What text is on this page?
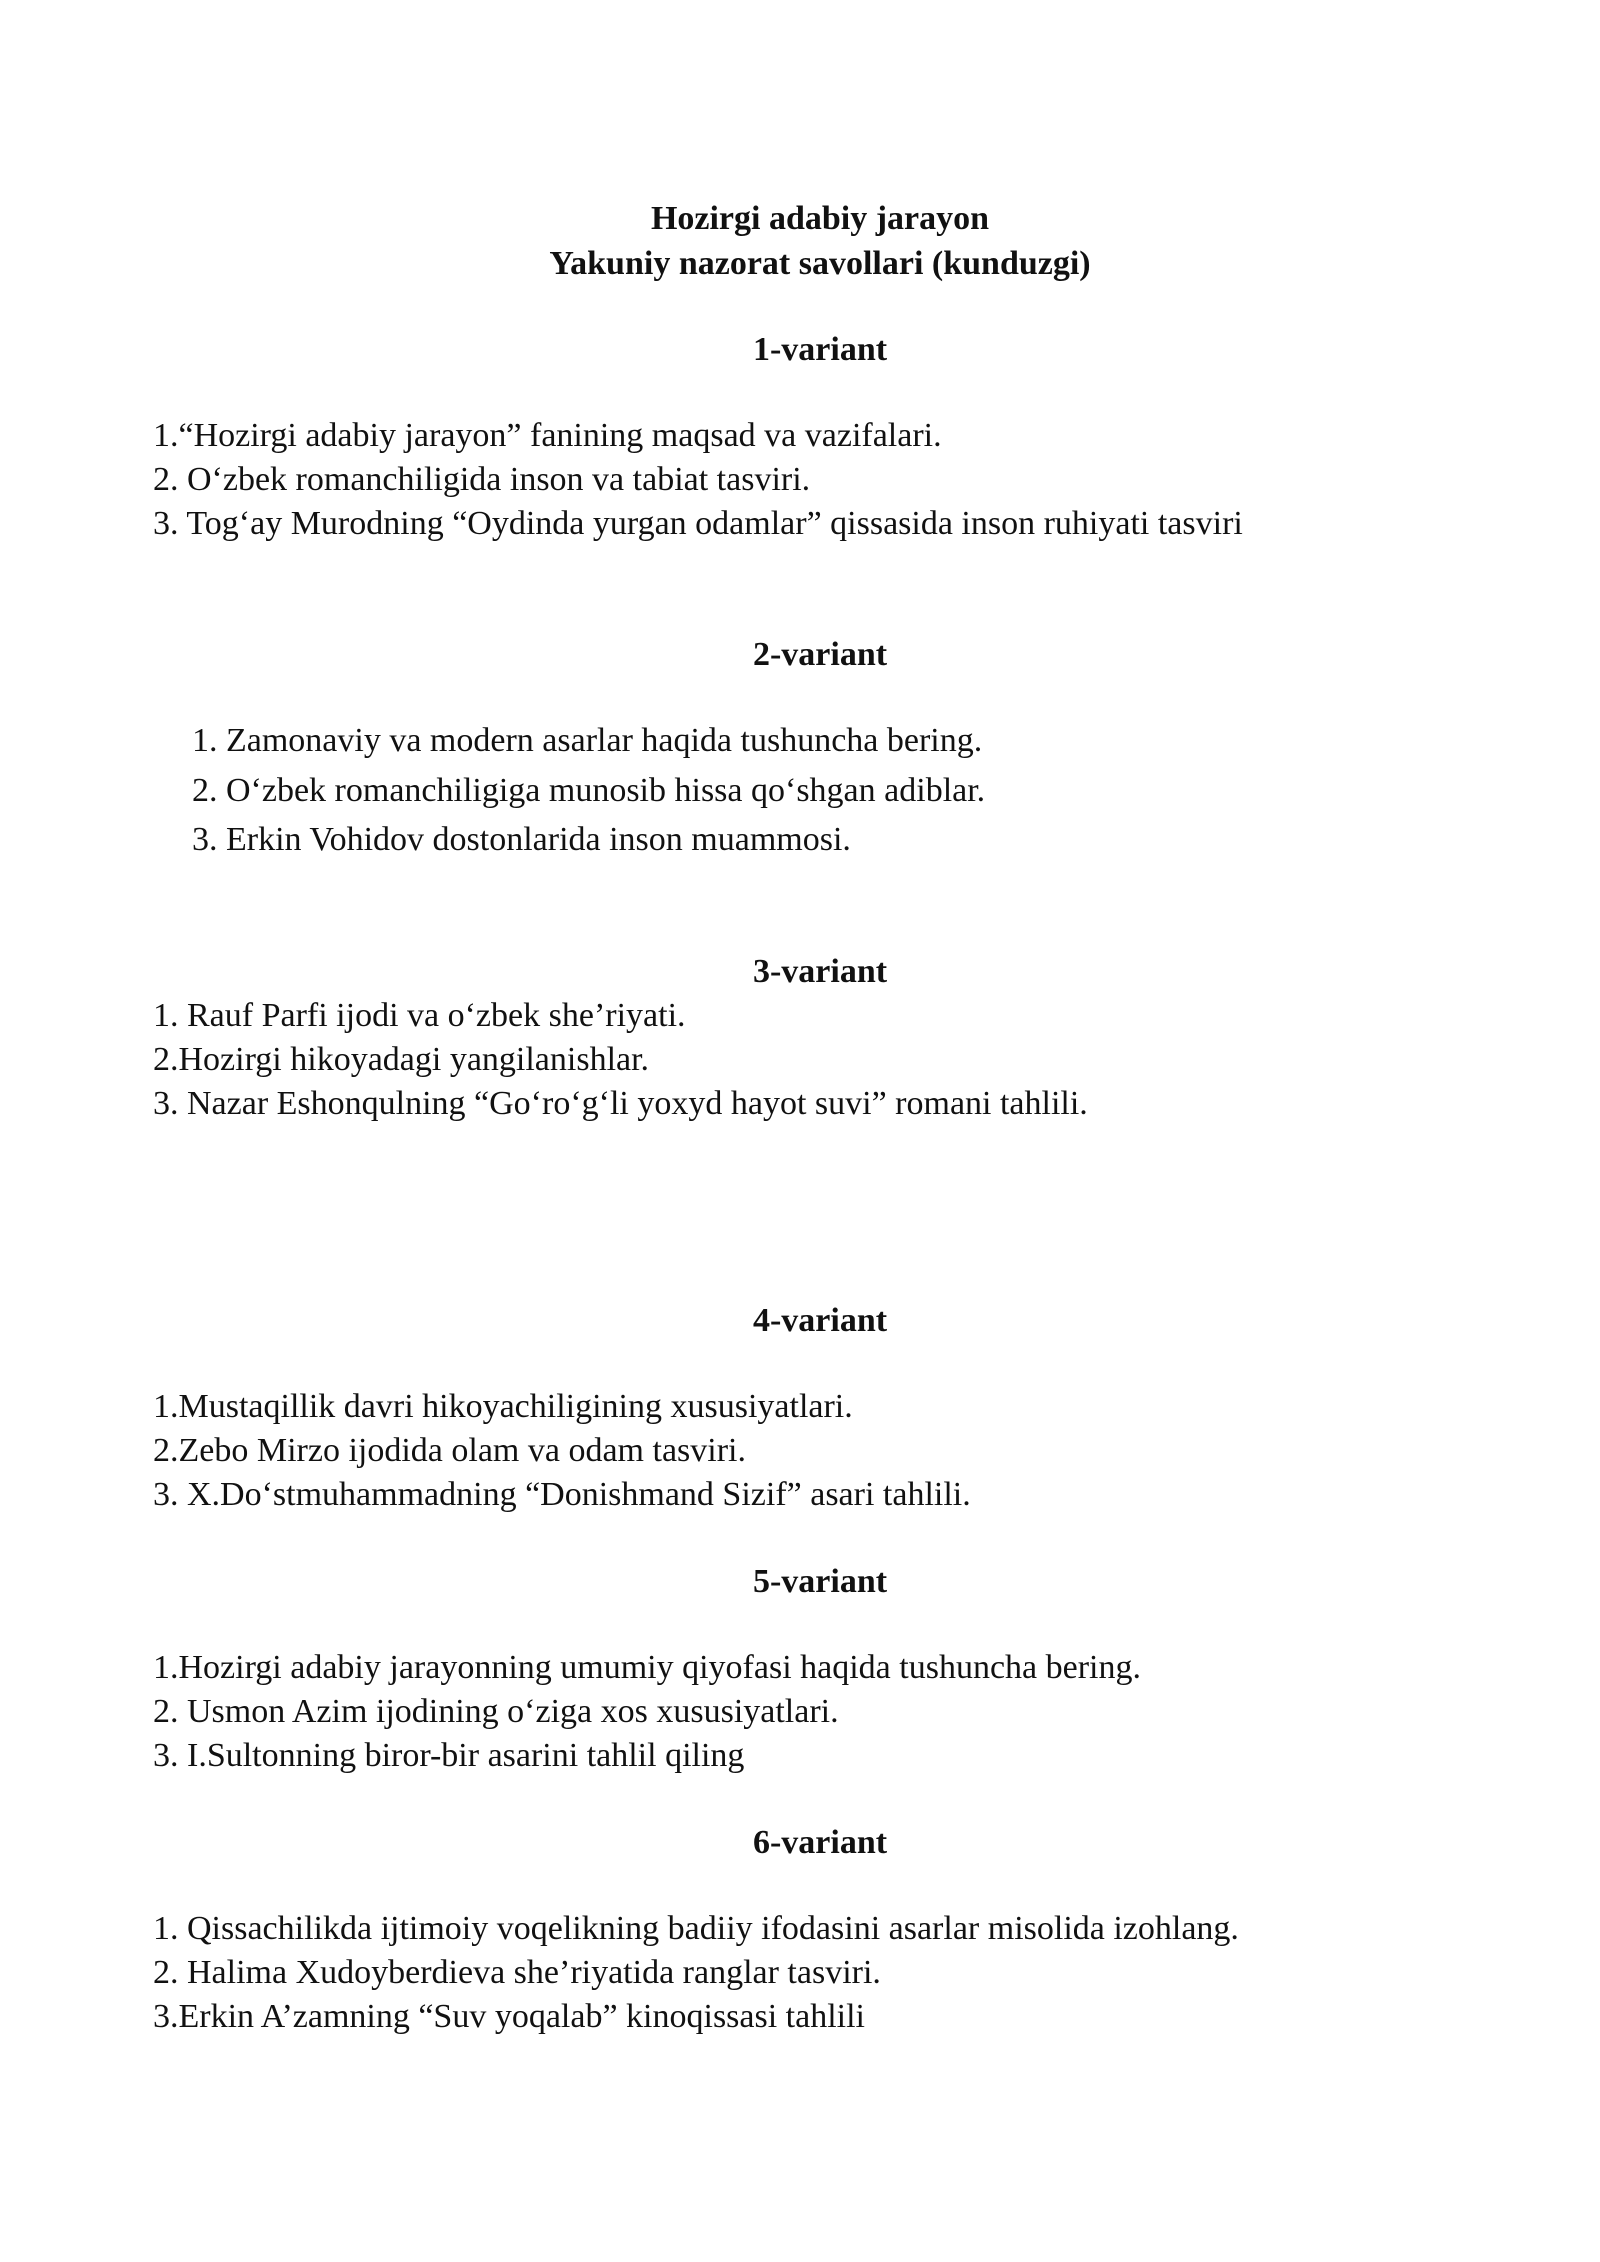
Hozirgi adabiy jarayon
Yakuniy nazorat savollari (kunduzgi)
1-variant

1.“Hozirgi adabiy jarayon” fanining maqsad va vazifalari.

2. O‘zbek romanchiligida inson va tabiat tasviri.

3. Tog‘ay Murodning “Oydinda yurgan odamlar” qissasida inson ruhiyati tasviri

2-variant

1. Zamonaviy va modern asarlar haqida tushuncha bering.

2. O‘zbek romanchiligiga munosib hissa qo‘shgan adiblar.

3. Erkin Vohidov dostonlarida inson muammosi.

3-variant

1. Rauf Parfi ijodi va o‘zbek she’riyati.

2.Hozirgi hikoyadagi yangilanishlar.

3. Nazar Eshonqulning “Go‘ro‘g‘li yoxyd hayot suvi” romani tahlili.

4-variant

1.Mustaqillik davri hikoyachiligining xususiyatlari.

2.Zebo Mirzo ijodida olam va odam tasviri.

3. X.Do‘stmuhammadning “Donishmand Sizif” asari tahlili.

5-variant

1.Hozirgi adabiy jarayonning umumiy qiyofasi haqida tushuncha bering.

2. Usmon Azim ijodining o‘ziga xos xususiyatlari.

3. I.Sultonning biror-bir asarini tahlil qiling

6-variant

1. Qissachilikda ijtimoiy voqelikning badiiy ifodasini asarlar misolida izohlang.

2. Halima Xudoyberdieva she’riyatida ranglar tasviri.

3.Erkin A’zamning “Suv yoqalab” kinoqissasi tahlili
